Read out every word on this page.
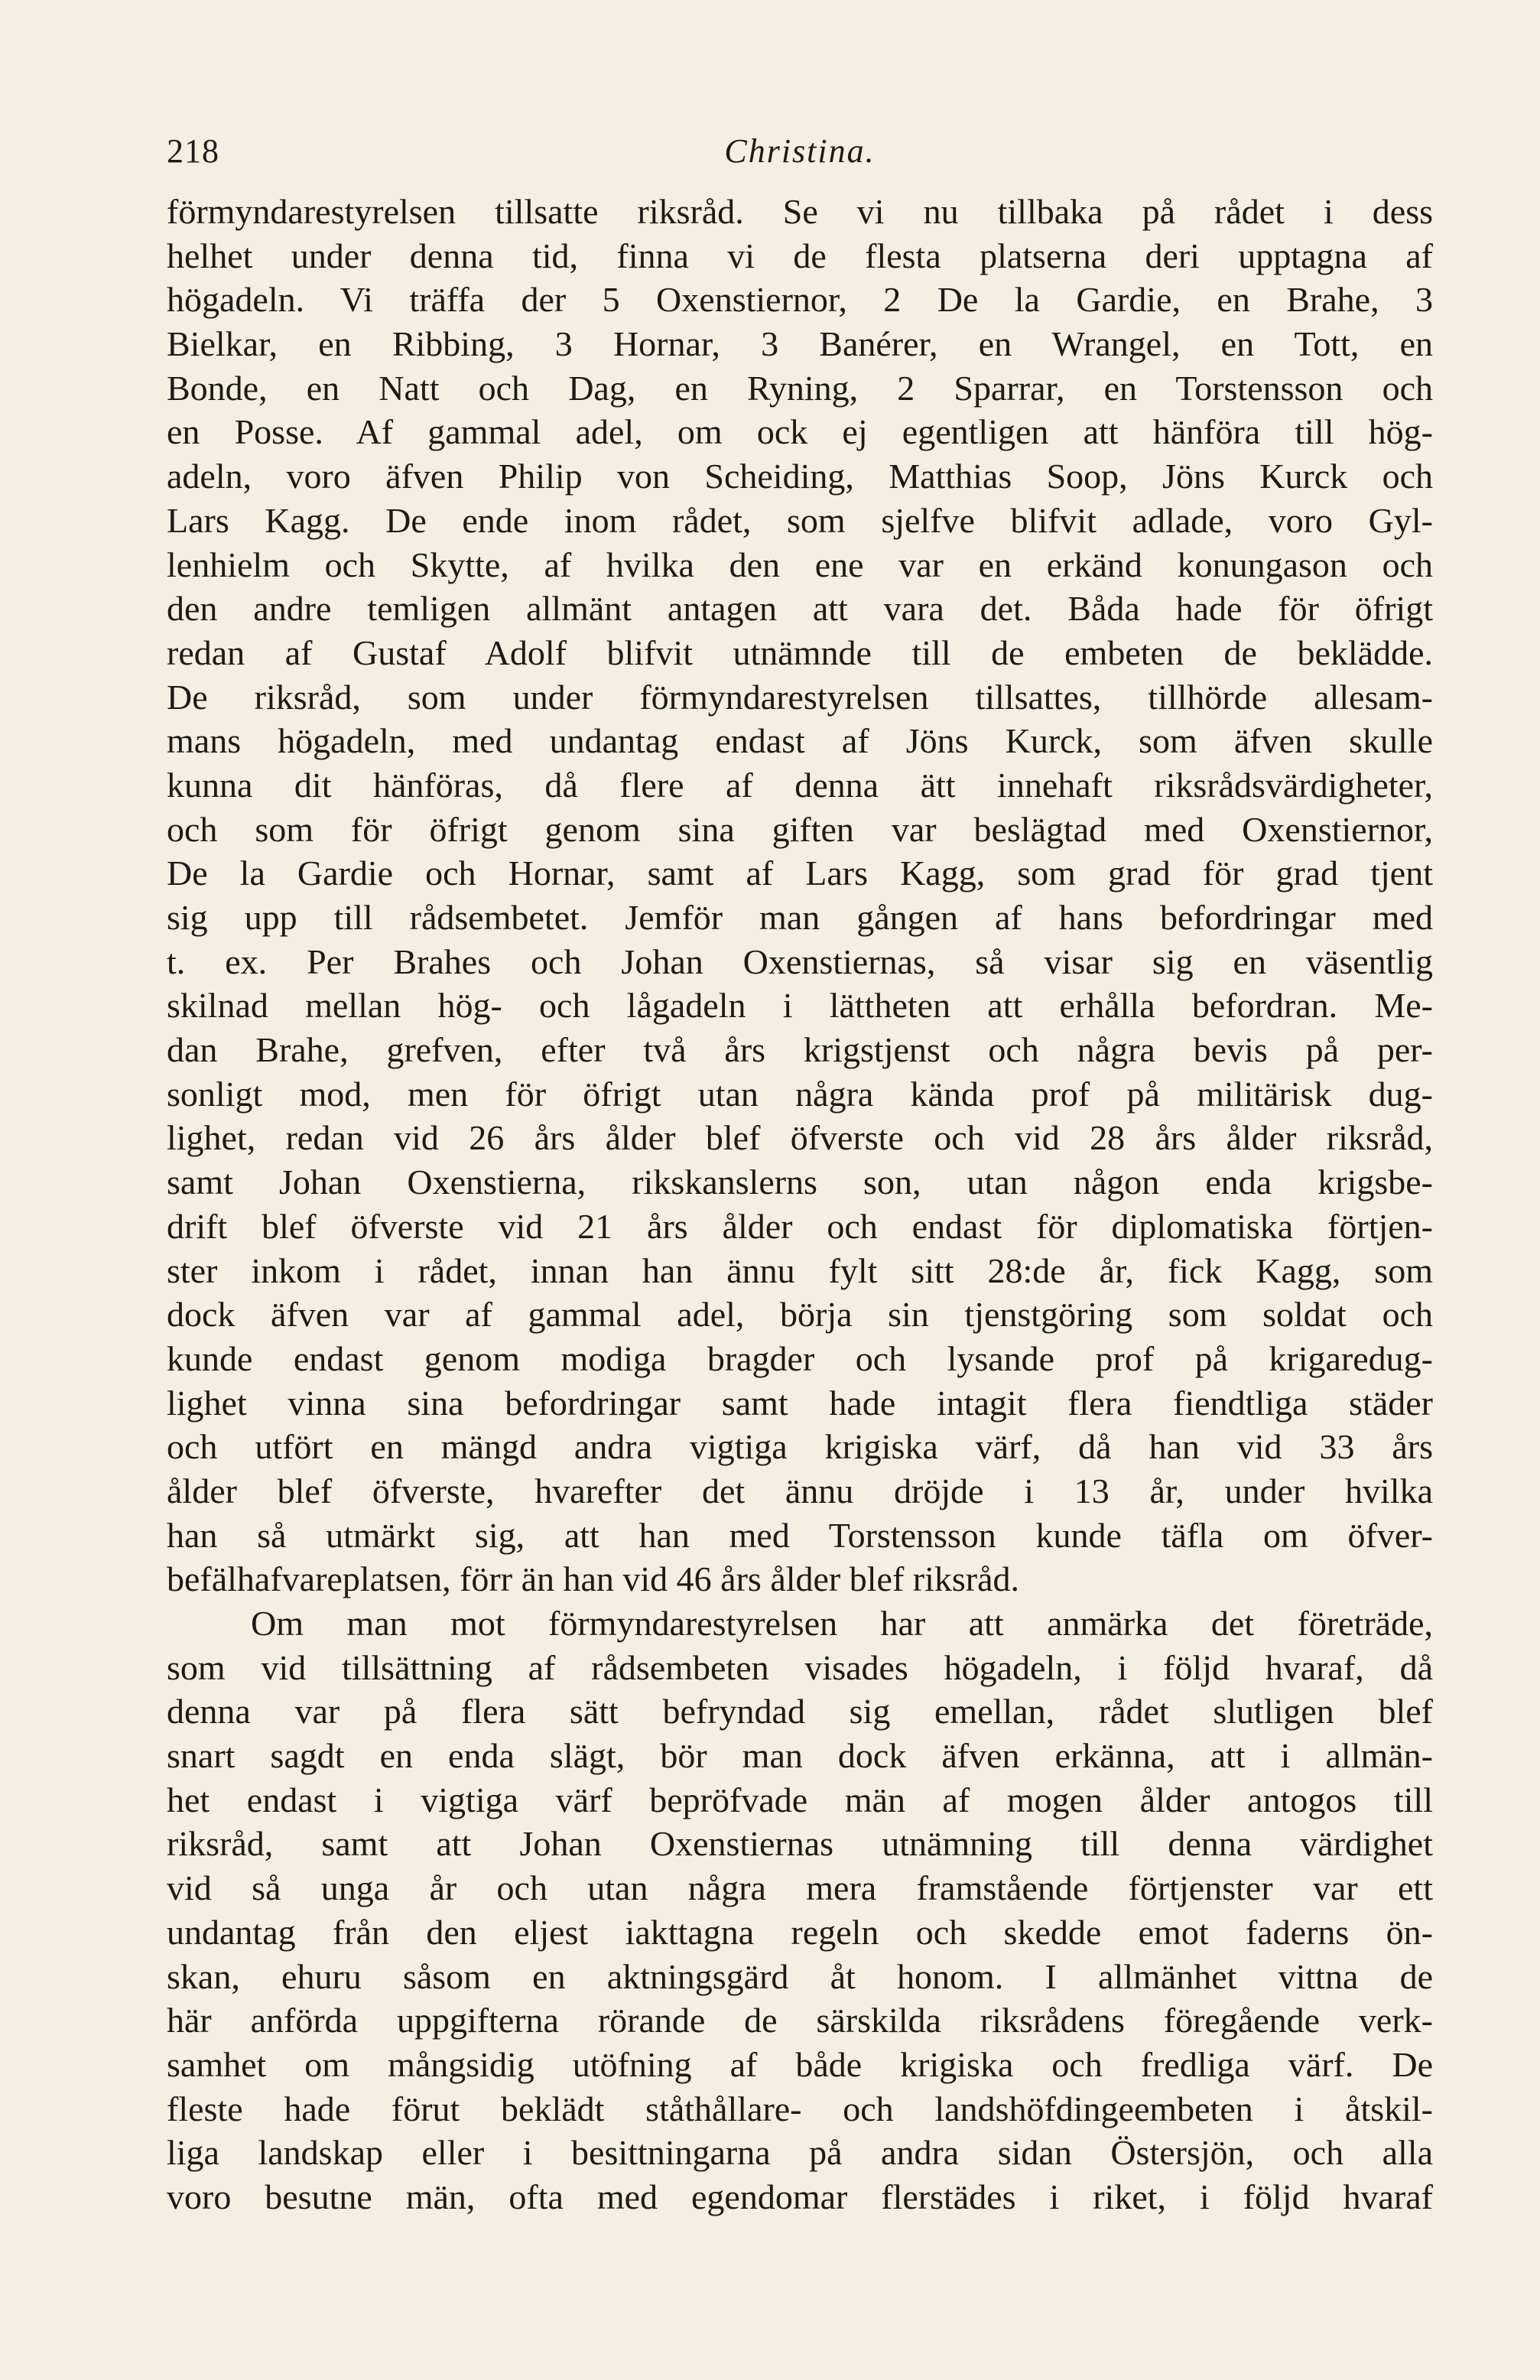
218	Christina.
förmyndarestyrelsen tillsatte riksråd. Se vi nu tillbaka på rådet i dess
helhet under denna tid, finna vi de flesta platserna deri upptagna af
högadeln. Vi träffa der 5 Oxenstiernor, 2 De la Gardie, en Brahe, 3
Bielkar, en Ribbing, 3 Hornar, 3 Banérer, en Wrangel, en Tott, en
Bonde, en Natt och Dag, en Ryning, 2 Sparrar, en Torstensson och
en Posse. Af gammal adel, om ock ej egentligen att hänföra till hög-
adeln, voro äfven Philip von Scheiding, Matthias Soop, Jöns Kurck och
Lars Kagg. De ende inom rådet, som sjelfve blifvit adlade, voro Gyl-
lenhielm och Skytte, af hvilka den ene var en erkänd konungason och
den andre temligen allmänt antagen att vara det. Båda hade för öfrigt
redan af Gustaf Adolf blifvit utnämnde till de embeten de beklädde.
De riksråd, som under förmyndarestyrelsen tillsattes, tillhörde allesam-
mans högadeln, med undantag endast af Jöns Kurck, som äfven skulle
kunna dit hänföras, då flere af denna ätt innehaft riksrådsvärdigheter,
och som för öfrigt genom sina giften var beslägtad med Oxenstiernor,
De la Gardie och Hornar, samt af Lars Kagg, som grad för grad tjent
sig upp till rådsembetet. Jemför man gången af hans befordringar med
t. ex. Per Brahes och Johan Oxenstiernas, så visar sig en väsentlig
skilnad mellan hög- och lågadeln i lättheten att erhålla befordran. Me-
dan Brahe, grefven, efter två års krigstjenst och några bevis på per-
sonligt mod, men för öfrigt utan några kända prof på militärisk dug-
lighet, redan vid 26 års ålder blef öfverste och vid 28 års ålder riksråd,
samt Johan Oxenstierna, rikskanslerns son, utan någon enda krigsbe-
drift blef öfverste vid 21 års ålder och endast för diplomatiska förtjen-
ster inkom i rådet, innan han ännu fylt sitt 28:de år, fick Kagg, som
dock äfven var af gammal adel, börja sin tjenstgöring som soldat och
kunde endast genom modiga bragder och lysande prof på krigaredug-
lighet vinna sina befordringar samt hade intagit flera fiendtliga städer
och utfört en mängd andra vigtiga krigiska värf, då han vid 33 års
ålder blef öfverste, hvarefter det ännu dröjde i 13 år, under hvilka
han så utmärkt sig, att han med Torstensson kunde täfla om öfver-
befälhafvareplatsen, förr än han vid 46 års ålder blef riksråd.
Om man mot förmyndarestyrelsen har att anmärka det företräde,
som vid tillsättning af rådsembeten visades högadeln, i följd hvaraf, då
denna var på flera sätt befryndad sig emellan, rådet slutligen blef
snart sagdt en enda slägt, bör man dock äfven erkänna, att i allmän-
het endast i vigtiga värf bepröfvade män af mogen ålder antogos till
riksråd, samt att Johan Oxenstiernas utnämning till denna värdighet
vid så unga år och utan några mera framstående förtjenster var ett
undantag från den eljest iakttagna regeln och skedde emot faderns ön-
skan, ehuru såsom en aktningsgärd åt honom. I allmänhet vittna de
här anförda uppgifterna rörande de särskilda riksrådens föregående verk-
samhet om mångsidig utöfning af både krigiska och fredliga värf. De
fleste hade förut beklädt ståthållare- och landshöfdingeembeten i åtskil-
liga landskap eller i besittningarna på andra sidan Östersjön, och alla
voro besutne män, ofta med egendomar flerstädes i riket, i följd hvaraf
